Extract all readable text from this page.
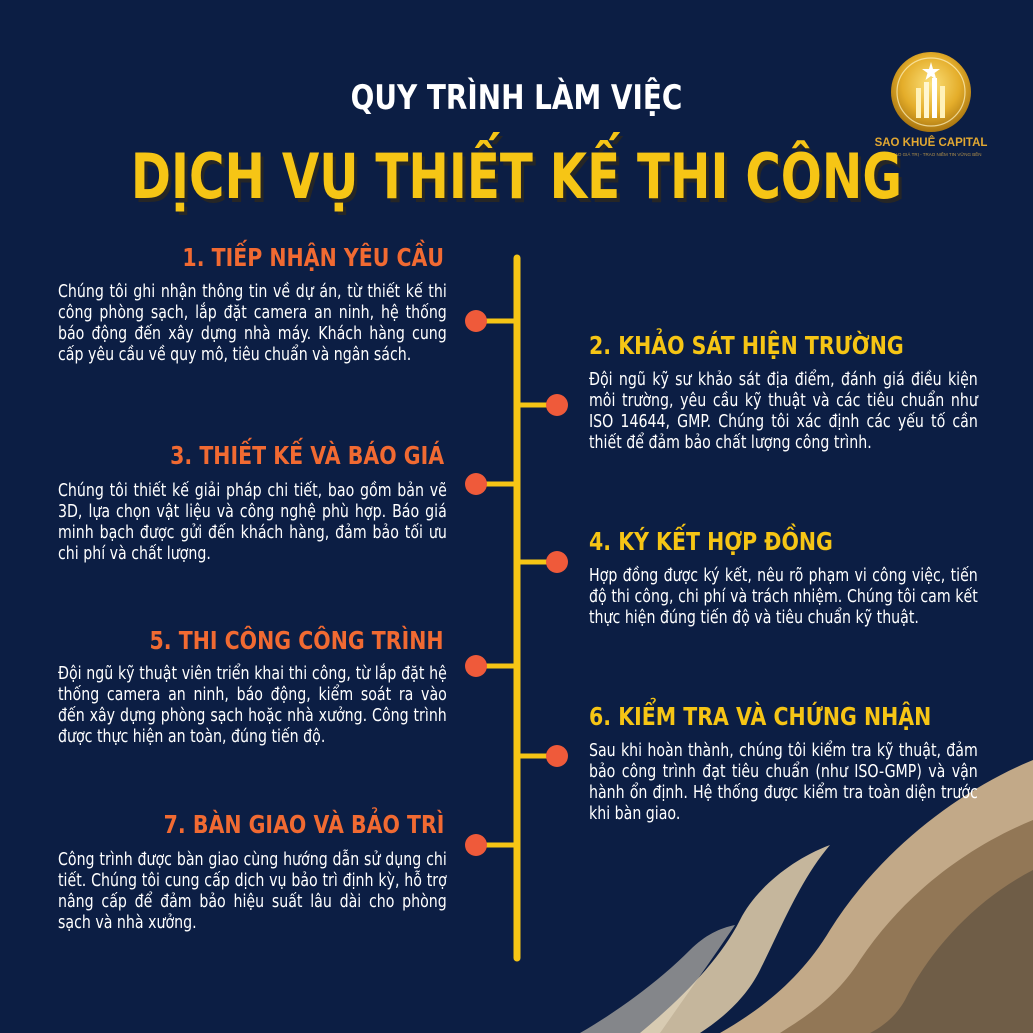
SAO KHUÊ CAPITAL
KIẾN TẠO GIÁ TRỊ - TRAO NIỀM TIN VỮNG BỀN
QUY TRÌNH LÀM VIỆC
DỊCH VỤ THIẾT KẾ THI CÔNG
1. TIẾP NHẬN YÊU CẦU
Chúng tôi ghi nhận thông tin về dự án, từ thiết kế thi công phòng sạch, lắp đặt camera an ninh, hệ thống báo động đến xây dựng nhà máy. Khách hàng cung cấp yêu cầu về quy mô, tiêu chuẩn và ngân sách.	2. KHẢO SÁT HIỆN TRƯỜNG
Đội ngũ kỹ sư khảo sát địa điểm, đánh giá điều kiện môi trường, yêu cầu kỹ thuật và các tiêu chuẩn như ISO 14644, GMP. Chúng tôi xác định các yếu tố cần thiết để đảm bảo chất lượng công trình.
3. THIẾT KẾ VÀ BÁO GIÁ
Chúng tôi thiết kế giải pháp chi tiết, bao gồm bản vẽ 3D, lựa chọn vật liệu và công nghệ phù hợp. Báo giá minh bạch được gửi đến khách hàng, đảm bảo tối ưu chi phí và chất lượng.	4. KÝ KẾT HỢP ĐỒNG
Hợp đồng được ký kết, nêu rõ phạm vi công việc, tiến độ thi công, chi phí và trách nhiệm. Chúng tôi cam kết thực hiện đúng tiến độ và tiêu chuẩn kỹ thuật.
5. THI CÔNG CÔNG TRÌNH
Đội ngũ kỹ thuật viên triển khai thi công, từ lắp đặt hệ thống camera an ninh, báo động, kiểm soát ra vào đến xây dựng phòng sạch hoặc nhà xưởng. Công trình được thực hiện an toàn, đúng tiến độ.
6. KIỂM TRA VÀ CHỨNG NHẬN
Sau khi hoàn thành, chúng tôi kiểm tra kỹ thuật, đảm bảo công trình đạt tiêu chuẩn (như ISO-GMP) và vận hành ổn định. Hệ thống được kiểm tra toàn diện trước khi bàn giao.
7. BÀN GIAO VÀ BẢO TRÌ
Công trình được bàn giao cùng hướng dẫn sử dụng chi tiết. Chúng tôi cung cấp dịch vụ bảo trì định kỳ, hỗ trợ nâng cấp để đảm bảo hiệu suất lâu dài cho phòng sạch và nhà xưởng.
